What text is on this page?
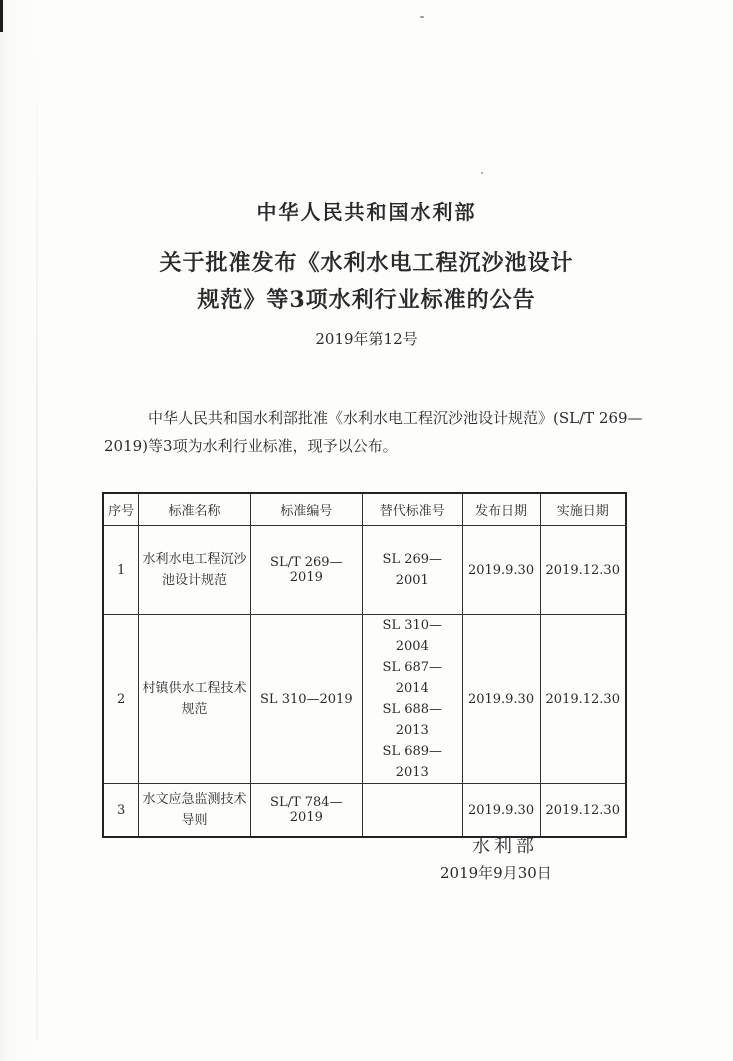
中华人民共和国水利部
关于批准发布《水利水电工程沉沙池设计
规范》等3项水利行业标准的公告
2019年第12号
中华人民共和国水利部批准《水利水电工程沉沙池设计规范》(SL/T 269—2019)等3项为水利行业标准，现予以公布。
序号	标准名称	标准编号	替代标准号	发布日期	实施日期
1	水利水电工程沉沙池设计规范	SL/T 269—2019	SL 269—2001	2019.9.30	2019.12.30
2	村镇供水工程技术规范	SL 310—2019	SL 310—2004
SL 687—2014
SL 688—2013
SL 689—2013	2019.9.30	2019.12.30
3	水文应急监测技术导则	SL/T 784—2019		2019.9.30	2019.12.30
水利部
2019年9月30日
